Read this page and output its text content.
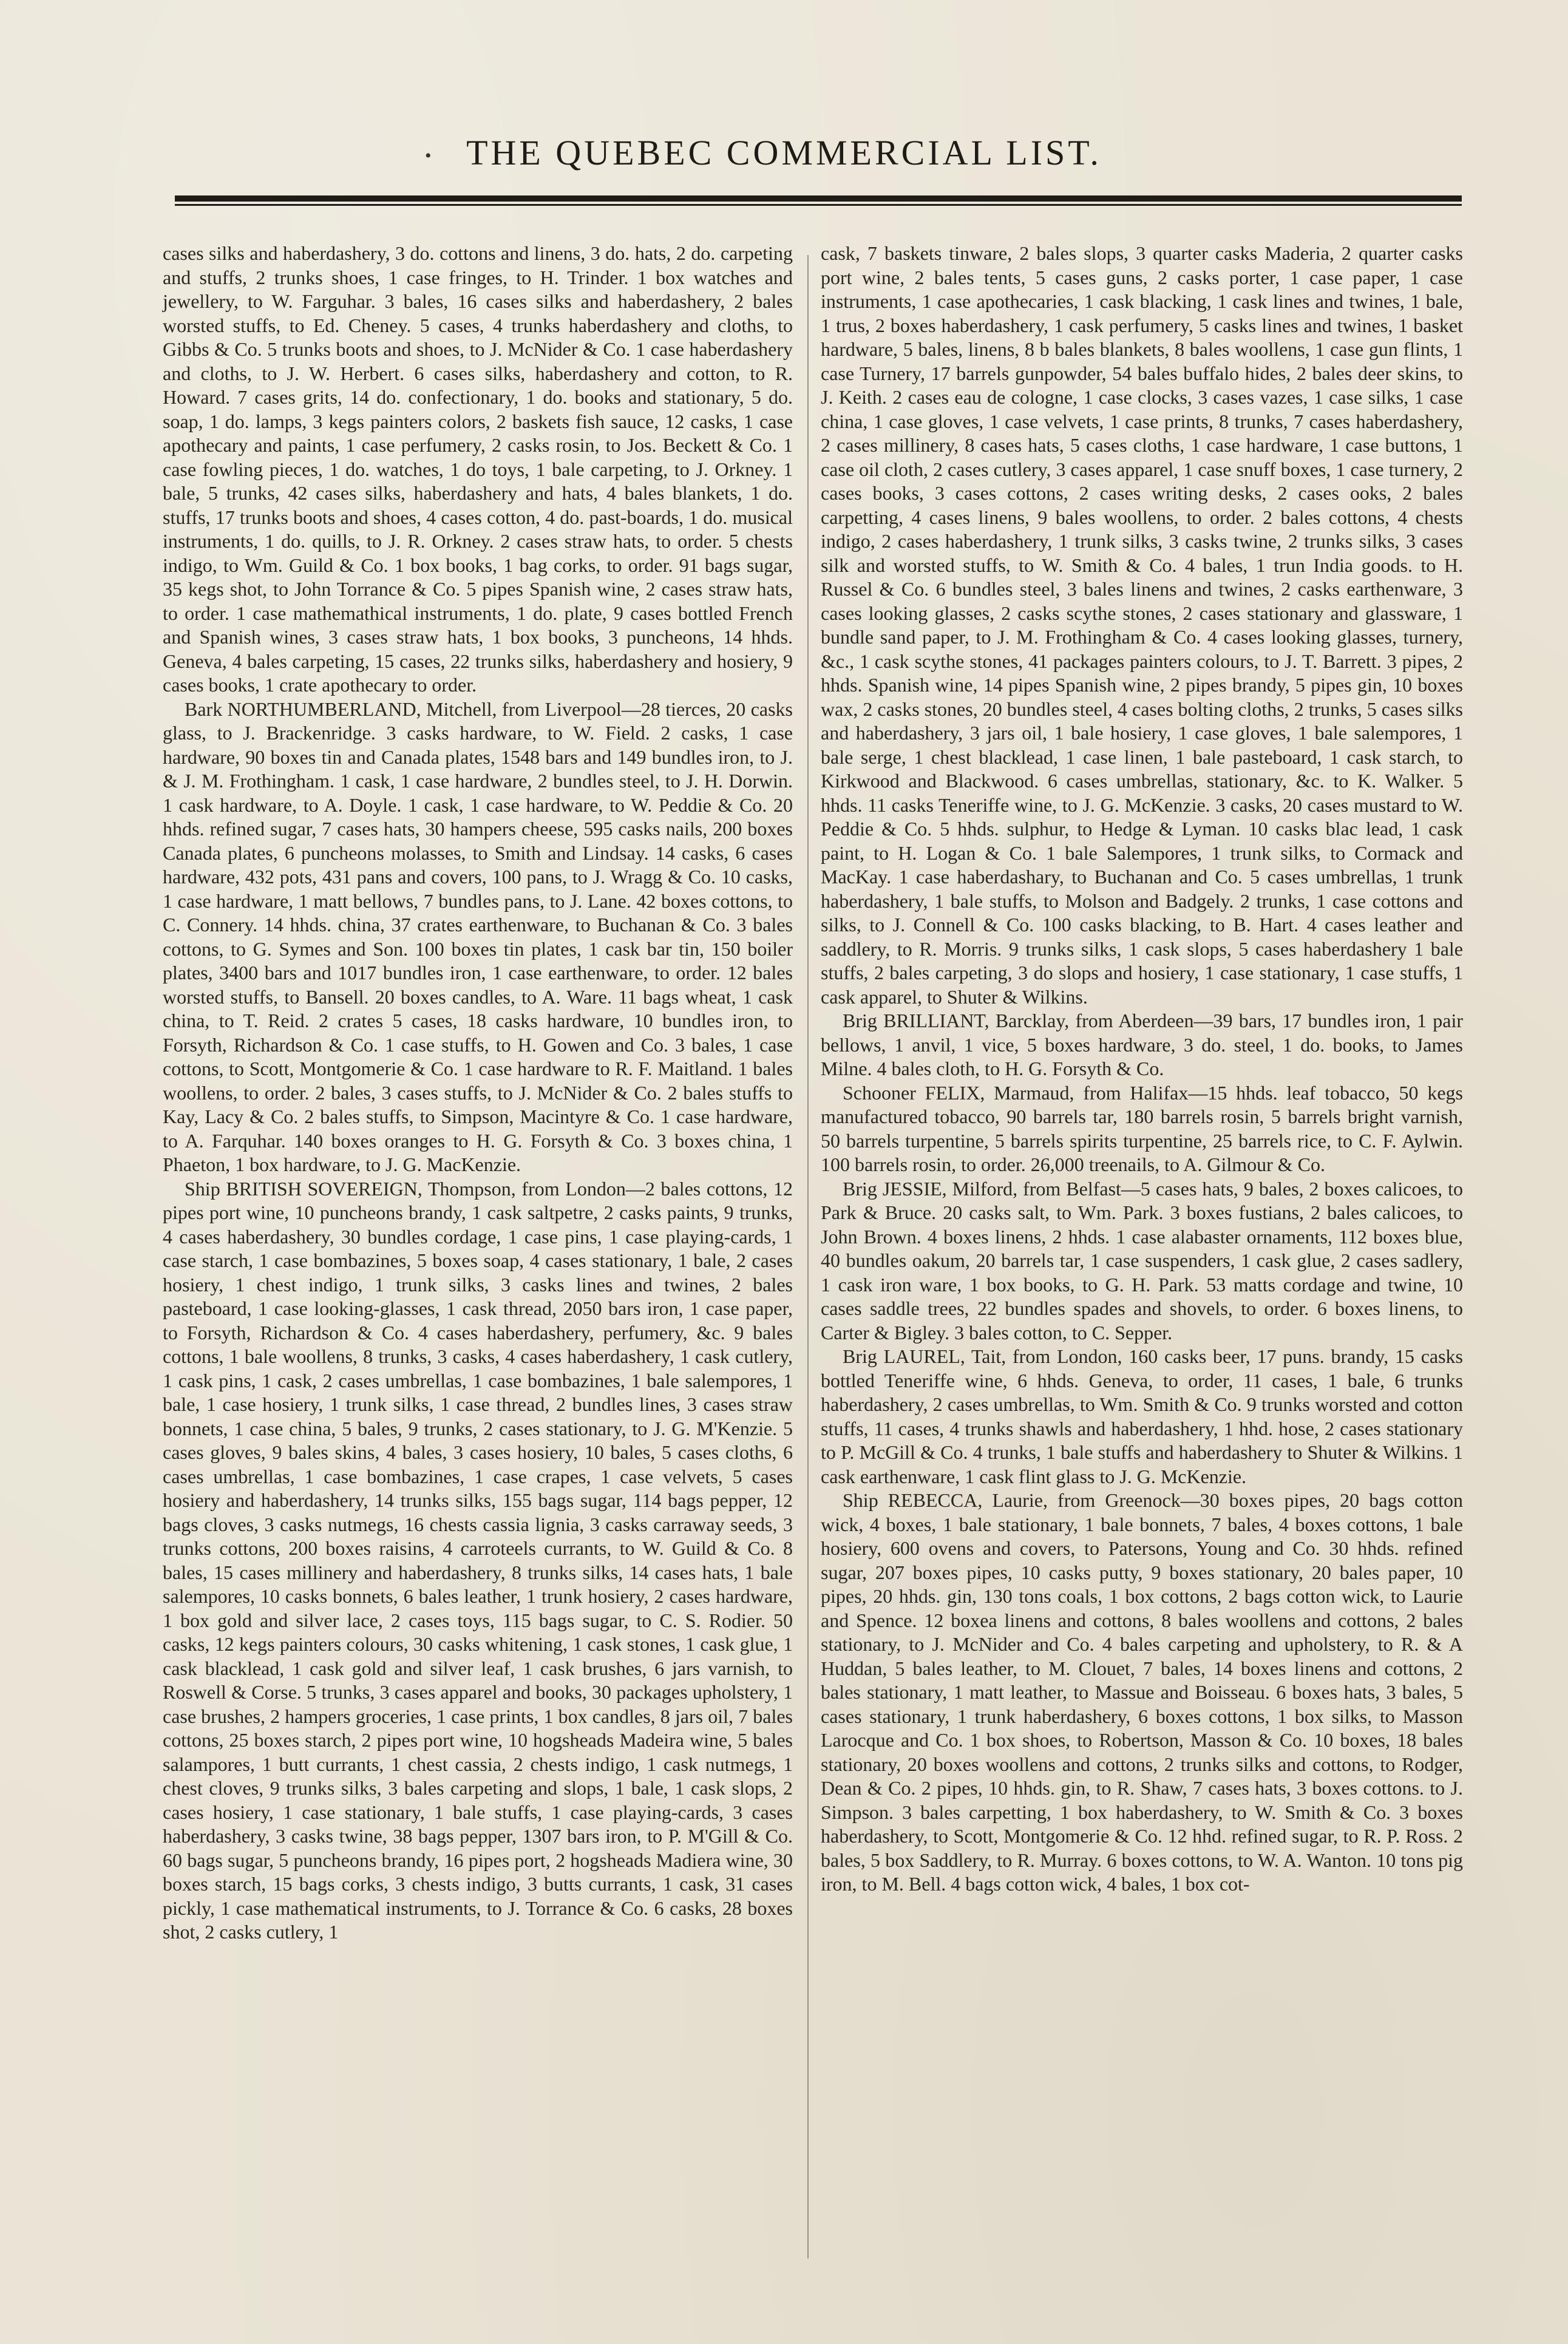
• THE QUEBEC COMMERCIAL LIST.

cases silks and haberdashery, 3 do. cottons and linens, 3 do. hats, 2 do. carpeting and stuffs, 2 trunks shoes, 1 case fringes, to H. Trinder. 1 box watches and jewellery, to W. Farguhar. 3 bales, 16 cases silks and haberdashery, 2 bales worsted stuffs, to Ed. Cheney. 5 cases, 4 trunks haberdashery and cloths, to Gibbs & Co. 5 trunks boots and shoes, to J. McNider & Co. 1 case haberdashery and cloths, to J. W. Herbert. 6 cases silks, haberdashery and cotton, to R. Howard. 7 cases grits, 14 do. confectionary, 1 do. books and stationary, 5 do. soap, 1 do. lamps, 3 kegs painters colors, 2 baskets fish sauce, 12 casks, 1 case apothecary and paints, 1 case perfumery, 2 casks rosin, to Jos. Beckett & Co. 1 case fowling pieces, 1 do. watches, 1 do toys, 1 bale carpeting, to J. Orkney. 1 bale, 5 trunks, 42 cases silks, haberdashery and hats, 4 bales blankets, 1 do. stuffs, 17 trunks boots and shoes, 4 cases cotton, 4 do. past-boards, 1 do. musical instruments, 1 do. quills, to J. R. Orkney. 2 cases straw hats, to order. 5 chests indigo, to Wm. Guild & Co. 1 box books, 1 bag corks, to order. 91 bags sugar, 35 kegs shot, to John Torrance & Co. 5 pipes Spanish wine, 2 cases straw hats, to order. 1 case mathemathical instruments, 1 do. plate, 9 cases bottled French and Spanish wines, 3 cases straw hats, 1 box books, 3 puncheons, 14 hhds. Geneva, 4 bales carpeting, 15 cases, 22 trunks silks, haberdashery and hosiery, 9 cases books, 1 crate apothecary to order.

Bark NORTHUMBERLAND, Mitchell, from Liverpool—28 tierces, 20 casks glass, to J. Brackenridge. 3 casks hardware, to W. Field. 2 casks, 1 case hardware, 90 boxes tin and Canada plates, 1548 bars and 149 bundles iron, to J. & J. M. Frothingham. 1 cask, 1 case hardware, 2 bundles steel, to J. H. Dorwin. 1 cask hardware, to A. Doyle. 1 cask, 1 case hardware, to W. Peddie & Co. 20 hhds. refined sugar, 7 cases hats, 30 hampers cheese, 595 casks nails, 200 boxes Canada plates, 6 puncheons molasses, to Smith and Lindsay. 14 casks, 6 cases hardware, 432 pots, 431 pans and covers, 100 pans, to J. Wragg & Co. 10 casks, 1 case hardware, 1 matt bellows, 7 bundles pans, to J. Lane. 42 boxes cottons, to C. Connery. 14 hhds. china, 37 crates earthenware, to Buchanan & Co. 3 bales cottons, to G. Symes and Son. 100 boxes tin plates, 1 cask bar tin, 150 boiler plates, 3400 bars and 1017 bundles iron, 1 case earthenware, to order. 12 bales worsted stuffs, to Bansell. 20 boxes candles, to A. Ware. 11 bags wheat, 1 cask china, to T. Reid. 2 crates 5 cases, 18 casks hardware, 10 bundles iron, to Forsyth, Richardson & Co. 1 case stuffs, to H. Gowen and Co. 3 bales, 1 case cottons, to Scott, Montgomerie & Co. 1 case hardware to R. F. Maitland. 1 bales woollens, to order. 2 bales, 3 cases stuffs, to J. McNider & Co. 2 bales stuffs to Kay, Lacy & Co. 2 bales stuffs, to Simpson, Macintyre & Co. 1 case hardware, to A. Farquhar. 140 boxes oranges to H. G. Forsyth & Co. 3 boxes china, 1 Phaeton, 1 box hardware, to J. G. MacKenzie.

Ship BRITISH SOVEREIGN, Thompson, from London—2 bales cottons, 12 pipes port wine, 10 puncheons brandy, 1 cask saltpetre, 2 casks paints, 9 trunks, 4 cases haberdashery, 30 bundles cordage, 1 case pins, 1 case playing-cards, 1 case starch, 1 case bombazines, 5 boxes soap, 4 cases stationary, 1 bale, 2 cases hosiery, 1 chest indigo, 1 trunk silks, 3 casks lines and twines, 2 bales pasteboard, 1 case looking-glasses, 1 cask thread, 2050 bars iron, 1 case paper, to Forsyth, Richardson & Co. 4 cases haberdashery, perfumery, &c. 9 bales cottons, 1 bale woollens, 8 trunks, 3 casks, 4 cases haberdashery, 1 cask cutlery, 1 cask pins, 1 cask, 2 cases umbrellas, 1 case bombazines, 1 bale salempores, 1 bale, 1 case hosiery, 1 trunk silks, 1 case thread, 2 bundles lines, 3 cases straw bonnets, 1 case china, 5 bales, 9 trunks, 2 cases stationary, to J. G. M'Kenzie. 5 cases gloves, 9 bales skins, 4 bales, 3 cases hosiery, 10 bales, 5 cases cloths, 6 cases umbrellas, 1 case bombazines, 1 case crapes, 1 case velvets, 5 cases hosiery and haberdashery, 14 trunks silks, 155 bags sugar, 114 bags pepper, 12 bags cloves, 3 casks nutmegs, 16 chests cassia lignia, 3 casks carraway seeds, 3 trunks cottons, 200 boxes raisins, 4 carroteels currants, to W. Guild & Co. 8 bales, 15 cases millinery and haberdashery, 8 trunks silks, 14 cases hats, 1 bale salempores, 10 casks bonnets, 6 bales leather, 1 trunk hosiery, 2 cases hardware, 1 box gold and silver lace, 2 cases toys, 115 bags sugar, to C. S. Rodier. 50 casks, 12 kegs painters colours, 30 casks whitening, 1 cask stones, 1 cask glue, 1 cask blacklead, 1 cask gold and silver leaf, 1 cask brushes, 6 jars varnish, to Roswell & Corse. 5 trunks, 3 cases apparel and books, 30 packages upholstery, 1 case brushes, 2 hampers groceries, 1 case prints, 1 box candles, 8 jars oil, 7 bales cottons, 25 boxes starch, 2 pipes port wine, 10 hogsheads Madeira wine, 5 bales salampores, 1 butt currants, 1 chest cassia, 2 chests indigo, 1 cask nutmegs, 1 chest cloves, 9 trunks silks, 3 bales carpeting and slops, 1 bale, 1 cask slops, 2 cases hosiery, 1 case stationary, 1 bale stuffs, 1 case playing-cards, 3 cases haberdashery, 3 casks twine, 38 bags pepper, 1307 bars iron, to P. M'Gill & Co. 60 bags sugar, 5 puncheons brandy, 16 pipes port, 2 hogsheads Madiera wine, 30 boxes starch, 15 bags corks, 3 chests indigo, 3 butts currants, 1 cask, 31 cases pickly, 1 case mathematical instruments, to J. Torrance & Co. 6 casks, 28 boxes shot, 2 casks cutlery, 1

cask, 7 baskets tinware, 2 bales slops, 3 quarter casks Maderia, 2 quarter casks port wine, 2 bales tents, 5 cases guns, 2 casks porter, 1 case paper, 1 case instruments, 1 case apothecaries, 1 cask blacking, 1 cask lines and twines, 1 bale, 1 trus, 2 boxes haberdashery, 1 cask perfumery, 5 casks lines and twines, 1 basket hardware, 5 bales, linens, 8 b bales blankets, 8 bales woollens, 1 case gun flints, 1 case Turnery, 17 barrels gunpowder, 54 bales buffalo hides, 2 bales deer skins, to J. Keith. 2 cases eau de cologne, 1 case clocks, 3 cases vazes, 1 case silks, 1 case china, 1 case gloves, 1 case velvets, 1 case prints, 8 trunks, 7 cases haberdashery, 2 cases millinery, 8 cases hats, 5 cases cloths, 1 case hardware, 1 case buttons, 1 case oil cloth, 2 cases cutlery, 3 cases apparel, 1 case snuff boxes, 1 case turnery, 2 cases books, 3 cases cottons, 2 cases writing desks, 2 cases ooks, 2 bales carpetting, 4 cases linens, 9 bales woollens, to order. 2 bales cottons, 4 chests indigo, 2 cases haberdashery, 1 trunk silks, 3 casks twine, 2 trunks silks, 3 cases silk and worsted stuffs, to W. Smith & Co. 4 bales, 1 trun India goods. to H. Russel & Co. 6 bundles steel, 3 bales linens and twines, 2 casks earthenware, 3 cases looking glasses, 2 casks scythe stones, 2 cases stationary and glassware, 1 bundle sand paper, to J. M. Frothingham & Co. 4 cases looking glasses, turnery, &c., 1 cask scythe stones, 41 packages painters colours, to J. T. Barrett. 3 pipes, 2 hhds. Spanish wine, 14 pipes Spanish wine, 2 pipes brandy, 5 pipes gin, 10 boxes wax, 2 casks stones, 20 bundles steel, 4 cases bolting cloths, 2 trunks, 5 cases silks and haberdashery, 3 jars oil, 1 bale hosiery, 1 case gloves, 1 bale salempores, 1 bale serge, 1 chest blacklead, 1 case linen, 1 bale pasteboard, 1 cask starch, to Kirkwood and Blackwood. 6 cases umbrellas, stationary, &c. to K. Walker. 5 hhds. 11 casks Teneriffe wine, to J. G. McKenzie. 3 casks, 20 cases mustard to W. Peddie & Co. 5 hhds. sulphur, to Hedge & Lyman. 10 casks blac lead, 1 cask paint, to H. Logan & Co. 1 bale Salempores, 1 trunk silks, to Cormack and MacKay. 1 case haberdashary, to Buchanan and Co. 5 cases umbrellas, 1 trunk haberdashery, 1 bale stuffs, to Molson and Badgely. 2 trunks, 1 case cottons and silks, to J. Connell & Co. 100 casks blacking, to B. Hart. 4 cases leather and saddlery, to R. Morris. 9 trunks silks, 1 cask slops, 5 cases haberdashery 1 bale stuffs, 2 bales carpeting, 3 do slops and hosiery, 1 case stationary, 1 case stuffs, 1 cask apparel, to Shuter & Wilkins.

Brig BRILLIANT, Barcklay, from Aberdeen—39 bars, 17 bundles iron, 1 pair bellows, 1 anvil, 1 vice, 5 boxes hardware, 3 do. steel, 1 do. books, to James Milne. 4 bales cloth, to H. G. Forsyth & Co.

Schooner FELIX, Marmaud, from Halifax—15 hhds. leaf tobacco, 50 kegs manufactured tobacco, 90 barrels tar, 180 barrels rosin, 5 barrels bright varnish, 50 barrels turpentine, 5 barrels spirits turpentine, 25 barrels rice, to C. F. Aylwin. 100 barrels rosin, to order. 26,000 treenails, to A. Gilmour & Co.

Brig JESSIE, Milford, from Belfast—5 cases hats, 9 bales, 2 boxes calicoes, to Park & Bruce. 20 casks salt, to Wm. Park. 3 boxes fustians, 2 bales calicoes, to John Brown. 4 boxes linens, 2 hhds. 1 case alabaster ornaments, 112 boxes blue, 40 bundles oakum, 20 barrels tar, 1 case suspenders, 1 cask glue, 2 cases sadlery, 1 cask iron ware, 1 box books, to G. H. Park. 53 matts cordage and twine, 10 cases saddle trees, 22 bundles spades and shovels, to order. 6 boxes linens, to Carter & Bigley. 3 bales cotton, to C. Sepper.

Brig LAUREL, Tait, from London, 160 casks beer, 17 puns. brandy, 15 casks bottled Teneriffe wine, 6 hhds. Geneva, to order, 11 cases, 1 bale, 6 trunks haberdashery, 2 cases umbrellas, to Wm. Smith & Co. 9 trunks worsted and cotton stuffs, 11 cases, 4 trunks shawls and haberdashery, 1 hhd. hose, 2 cases stationary to P. McGill & Co. 4 trunks, 1 bale stuffs and haberdashery to Shuter & Wilkins. 1 cask earthenware, 1 cask flint glass to J. G. McKenzie.

Ship REBECCA, Laurie, from Greenock—30 boxes pipes, 20 bags cotton wick, 4 boxes, 1 bale stationary, 1 bale bonnets, 7 bales, 4 boxes cottons, 1 bale hosiery, 600 ovens and covers, to Patersons, Young and Co. 30 hhds. refined sugar, 207 boxes pipes, 10 casks putty, 9 boxes stationary, 20 bales paper, 10 pipes, 20 hhds. gin, 130 tons coals, 1 box cottons, 2 bags cotton wick, to Laurie and Spence. 12 boxea linens and cottons, 8 bales woollens and cottons, 2 bales stationary, to J. McNider and Co. 4 bales carpeting and upholstery, to R. & A Huddan, 5 bales leather, to M. Clouet, 7 bales, 14 boxes linens and cottons, 2 bales stationary, 1 matt leather, to Massue and Boisseau. 6 boxes hats, 3 bales, 5 cases stationary, 1 trunk haberdashery, 6 boxes cottons, 1 box silks, to Masson Larocque and Co. 1 box shoes, to Robertson, Masson & Co. 10 boxes, 18 bales stationary, 20 boxes woollens and cottons, 2 trunks silks and cottons, to Rodger, Dean & Co. 2 pipes, 10 hhds. gin, to R. Shaw, 7 cases hats, 3 boxes cottons. to J. Simpson. 3 bales carpetting, 1 box haberdashery, to W. Smith & Co. 3 boxes haberdashery, to Scott, Montgomerie & Co. 12 hhd. refined sugar, to R. P. Ross. 2 bales, 5 box Saddlery, to R. Murray. 6 boxes cottons, to W. A. Wanton. 10 tons pig iron, to M. Bell. 4 bags cotton wick, 4 bales, 1 box cot-
